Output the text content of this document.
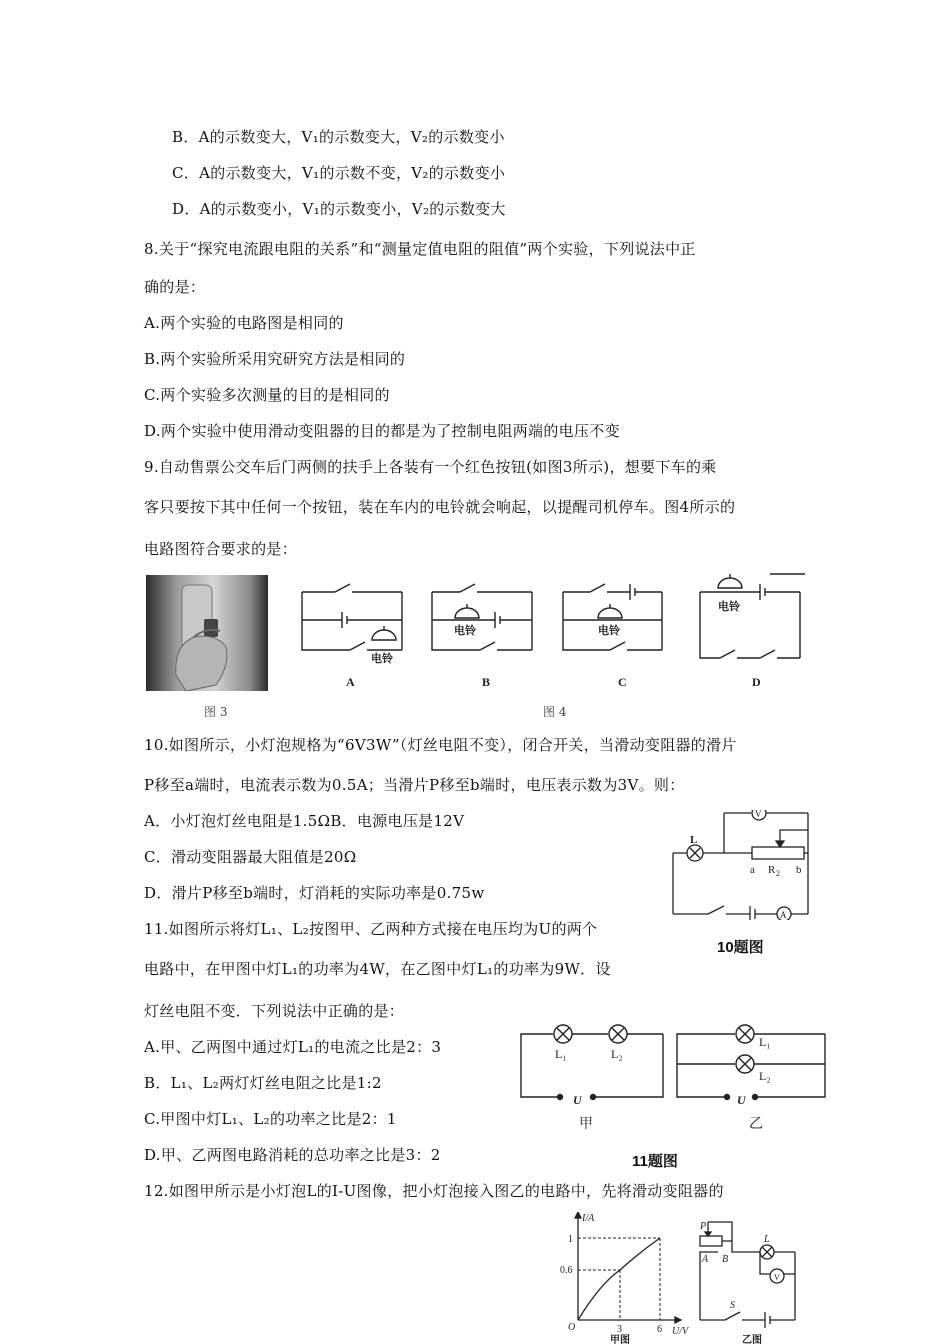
B．A的示数变大，V₁的示数变大，V₂的示数变小
C．A的示数变大，V₁的示数不变，V₂的示数变小
D．A的示数变小，V₁的示数变小，V₂的示数变大
8.关于“探究电流跟电阻的关系”和“测量定值电阻的阻值”两个实验，下列说法中正
确的是：
A.两个实验的电路图是相同的
B.两个实验所采用究研究方法是相同的
C.两个实验多次测量的目的是相同的
D.两个实验中使用滑动变阻器的目的都是为了控制电阻两端的电压不变
9.自动售票公交车后门两侧的扶手上各装有一个红色按钮(如图3所示)，想要下车的乘
客只要按下其中任何一个按钮，装在车内的电铃就会响起，以提醒司机停车。图4所示的
电路图符合要求的是：
图 3
电铃
电铃	电铃
电铃
A	B	C	D
图 4
10.如图所示，小灯泡规格为“6V3W”（灯丝电阻不变），闭合开关，当滑动变阻器的滑片
P移至a端时，电流表示数为0.5A；当滑片P移至b端时，电压表示数为3V。则：
A．小灯泡灯丝电阻是1.5ΩB．电源电压是12V
C．滑动变阻器最大阻值是20Ω
D．滑片P移至b端时，灯消耗的实际功率是0.75w
L
V
A
a R 2 b
10题图
11.如图所示将灯L₁、L₂按图甲、乙两种方式接在电压均为U的两个
电路中，在甲图中灯L₁的功率为4W，在乙图中灯L₁的功率为9W．设
灯丝电阻不变．下列说法中正确的是：
A.甲、乙两图中通过灯L₁的电流之比是2：3
B．L₁、L₂两灯灯丝电阻之比是1:2
C.甲图中灯L₁、L₂的功率之比是2：1
D.甲、乙两图电路消耗的总功率之比是3：2
L₁	L₂
L₁
L₂
U	U
甲	乙
11题图
12.如图甲所示是小灯泡L的I-U图像，把小灯泡接入图乙的电路中，先将滑动变阻器的
I/A
U/V
O
1
0.6
3	6
甲图	乙图
P
A B
L
V
S
